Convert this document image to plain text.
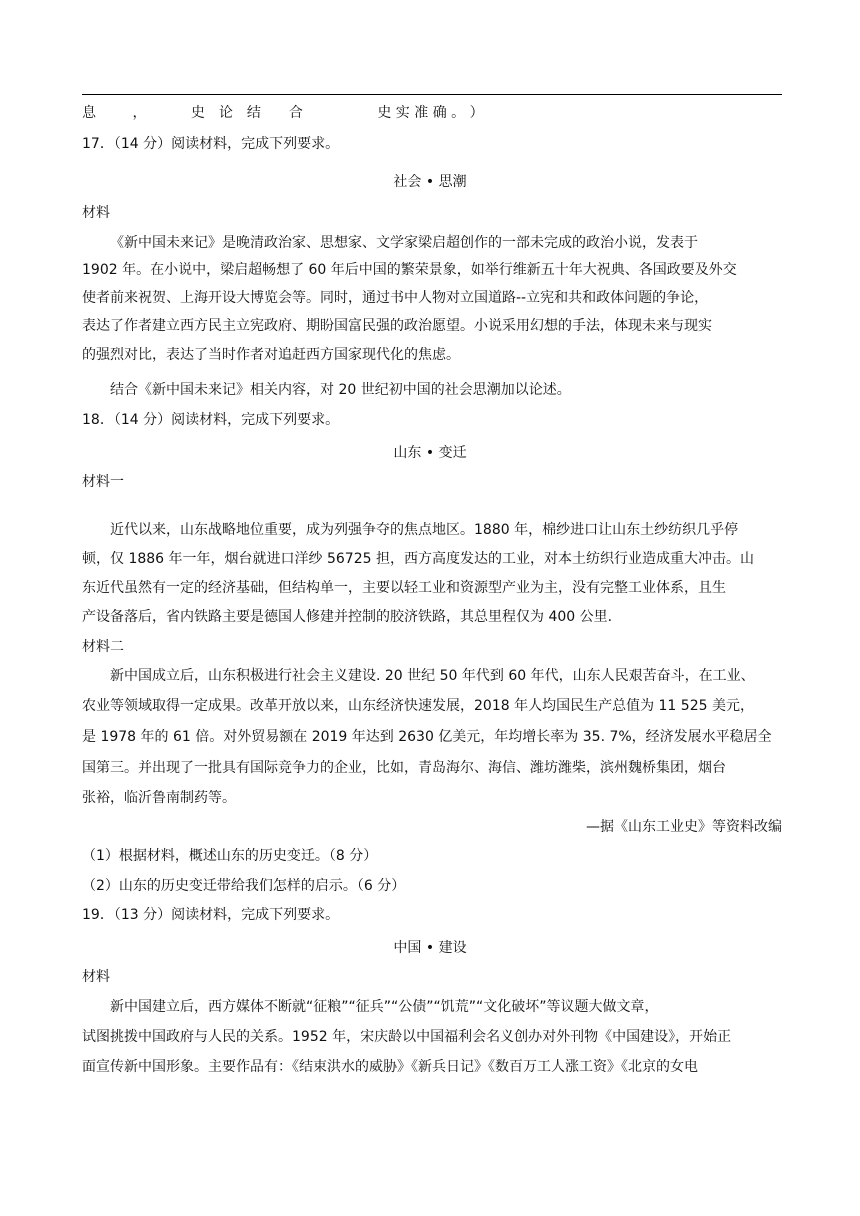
息	，	史　论　结　　合	史 实 准 确 。 ）
17．（14 分）阅读材料，完成下列要求。
社会 • 思潮
材料
《新中国未来记》是晚清政治家、思想家、文学家梁启超创作的一部未完成的政治小说，发表于
1902 年。在小说中，梁启超畅想了 60 年后中国的繁荣景象，如举行维新五十年大祝典、各国政要及外交
使者前来祝贺、上海开设大博览会等。同时，通过书中人物对立国道路--立宪和共和政体问题的争论，
表达了作者建立西方民主立宪政府、期盼国富民强的政治愿望。小说采用幻想的手法，体现未来与现实
的强烈对比，表达了当时作者对追赶西方国家现代化的焦虑。
结合《新中国未来记》相关内容，对 20 世纪初中国的社会思潮加以论述。
18．（14 分）阅读材料，完成下列要求。
山东 • 变迁
材料一
近代以来，山东战略地位重要，成为列强争夺的焦点地区。1880 年，棉纱进口让山东土纱纺织几乎停
顿，仅 1886 年一年，烟台就进口洋纱 56725 担，西方高度发达的工业，对本土纺织行业造成重大冲击。山
东近代虽然有一定的经济基础，但结构单一，主要以轻工业和资源型产业为主，没有完整工业体系，且生
产设备落后，省内铁路主要是德国人修建并控制的胶济铁路，其总里程仅为 400 公里.
材料二
新中国成立后，山东积极进行社会主义建设. 20 世纪 50 年代到 60 年代，山东人民艰苦奋斗，在工业、
农业等领域取得一定成果。改革开放以来，山东经济快速发展，2018 年人均国民生产总值为 11 525 美元，
是 1978 年的 61 倍。对外贸易额在 2019 年达到 2630 亿美元，年均增长率为 35. 7%，经济发展水平稳居全
国第三。并出现了一批具有国际竞争力的企业，比如，青岛海尔、海信、潍坊潍柴，滨州魏桥集团，烟台
张裕，临沂鲁南制药等。
—据《山东工业史》等资料改编
（1）根据材料，概述山东的历史变迁。（8 分）
（2）山东的历史变迁带给我们怎样的启示。（6 分）
19．（13 分）阅读材料，完成下列要求。
中国 • 建设
材料
新中国建立后，西方媒体不断就“征粮”“征兵”“公债”“饥荒”“文化破坏”等议题大做文章，
试图挑拨中国政府与人民的关系。1952 年，宋庆龄以中国福利会名义创办对外刊物《中国建设》，开始正
面宣传新中国形象。主要作品有：《结束洪水的威胁》《新兵日记》《数百万工人涨工资》《北京的女电
